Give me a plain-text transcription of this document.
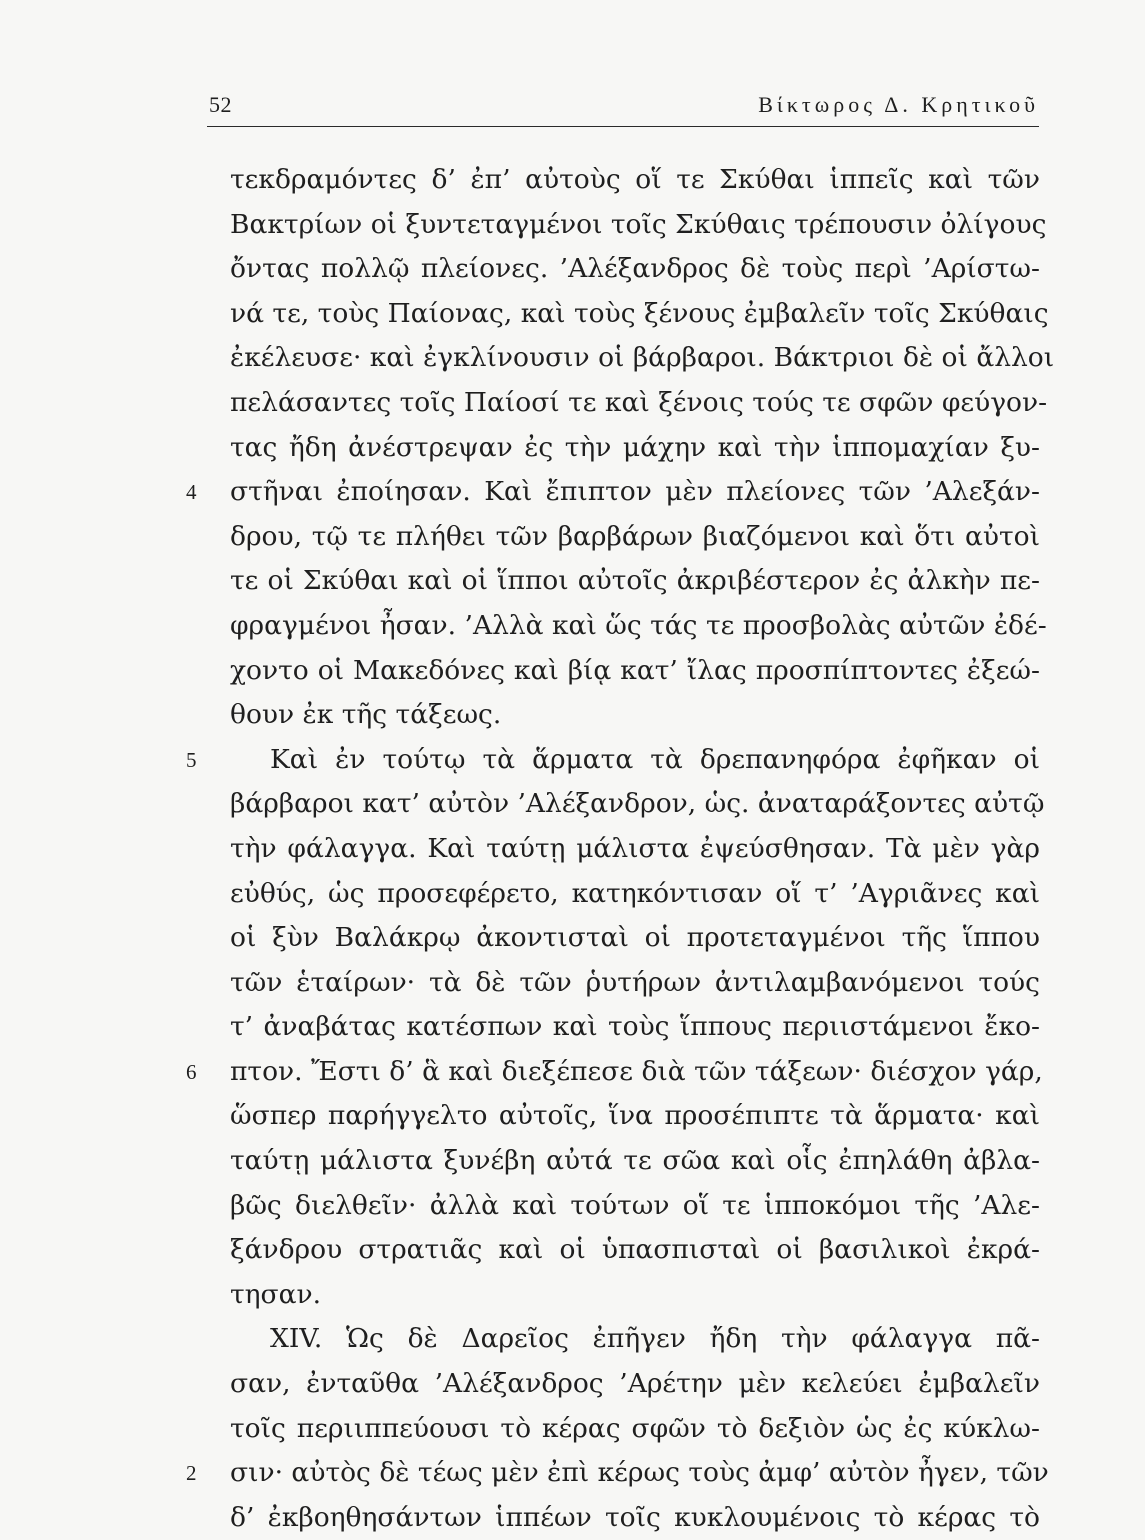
52	Βίκτωρος Δ. Κρητικοῦ
τεκδραμόντες δ’ ἐπ’ αὐτοὺς οἵ τε Σκύθαι ἱππεῖς καὶ τῶν
Βακτρίων οἱ ξυντεταγμένοι τοῖς Σκύθαις τρέπουσιν ὀλίγους
ὄντας πολλῷ πλείονες. ’Αλέξανδρος δὲ τοὺς περὶ ’Αρίστω-
νά τε, τοὺς Παίονας, καὶ τοὺς ξένους ἐμβαλεῖν τοῖς Σκύθαις
ἐκέλευσε· καὶ ἐγκλίνουσιν οἱ βάρβαροι. Βάκτριοι δὲ οἱ ἄλλοι
πελάσαντες τοῖς Παίοσί τε καὶ ξένοις τούς τε σφῶν φεύγον-
τας ἤδη ἀνέστρεψαν ἐς τὴν μάχην καὶ τὴν ἱππομαχίαν ξυ-
4	στῆναι ἐποίησαν. Καὶ ἔπιπτον μὲν πλείονες τῶν ’Αλεξάν-
δρου, τῷ τε πλήθει τῶν βαρβάρων βιαζόμενοι καὶ ὅτι αὐτοὶ
τε οἱ Σκύθαι καὶ οἱ ἵπποι αὐτοῖς ἀκριβέστερον ἐς ἀλκὴν πε-
φραγμένοι ἦσαν. ’Αλλὰ καὶ ὥς τάς τε προσβολὰς αὐτῶν ἐδέ-
χοντο οἱ Μακεδόνες καὶ βίᾳ κατ’ ἴλας προσπίπτοντες ἐξεώ-
θουν ἐκ τῆς τάξεως.
5	Καὶ ἐν τούτῳ τὰ ἅρματα τὰ δρεπανηφόρα ἐφῆκαν οἱ
βάρβαροι κατ’ αὐτὸν ’Αλέξανδρον, ὡς. ἀναταράξοντες αὐτῷ
τὴν φάλαγγα. Καὶ ταύτῃ μάλιστα ἐψεύσθησαν. Τὰ μὲν γὰρ
εὐθύς, ὡς προσεφέρετο, κατηκόντισαν οἵ τ’ ’Αγριᾶνες καὶ
οἱ ξὺν Βαλάκρῳ ἀκοντισταὶ οἱ προτεταγμένοι τῆς ἵππου
τῶν ἑταίρων· τὰ δὲ τῶν ῥυτήρων ἀντιλαμβανόμενοι τούς
τ’ ἀναβάτας κατέσπων καὶ τοὺς ἵππους περιιστάμενοι ἔκο-
6	πτον. Ἔστι δ’ ἃ καὶ διεξέπεσε διὰ τῶν τάξεων· διέσχον γάρ,
ὥσπερ παρήγγελτο αὐτοῖς, ἵνα προσέπιπτε τὰ ἅρματα· καὶ
ταύτῃ μάλιστα ξυνέβη αὐτά τε σῶα καὶ οἷς ἐπηλάθη ἀβλα-
βῶς διελθεῖν· ἀλλὰ καὶ τούτων οἵ τε ἱπποκόμοι τῆς ’Αλε-
ξάνδρου στρατιᾶς καὶ οἱ ὑπασπισταὶ οἱ βασιλικοὶ ἐκρά-
τησαν.
XIV. Ὡς δὲ Δαρεῖος ἐπῆγεν ἤδη τὴν φάλαγγα πᾶ-
σαν, ἐνταῦθα ’Αλέξανδρος ’Αρέτην μὲν κελεύει ἐμβαλεῖν
τοῖς περιιππεύουσι τὸ κέρας σφῶν τὸ δεξιὸν ὡς ἐς κύκλω-
2	σιν· αὐτὸς δὲ τέως μὲν ἐπὶ κέρως τοὺς ἀμφ’ αὐτὸν ἦγεν, τῶν
δ’ ἐκβοηθησάντων ἱππέων τοῖς κυκλουμένοις τὸ κέρας τὸ
